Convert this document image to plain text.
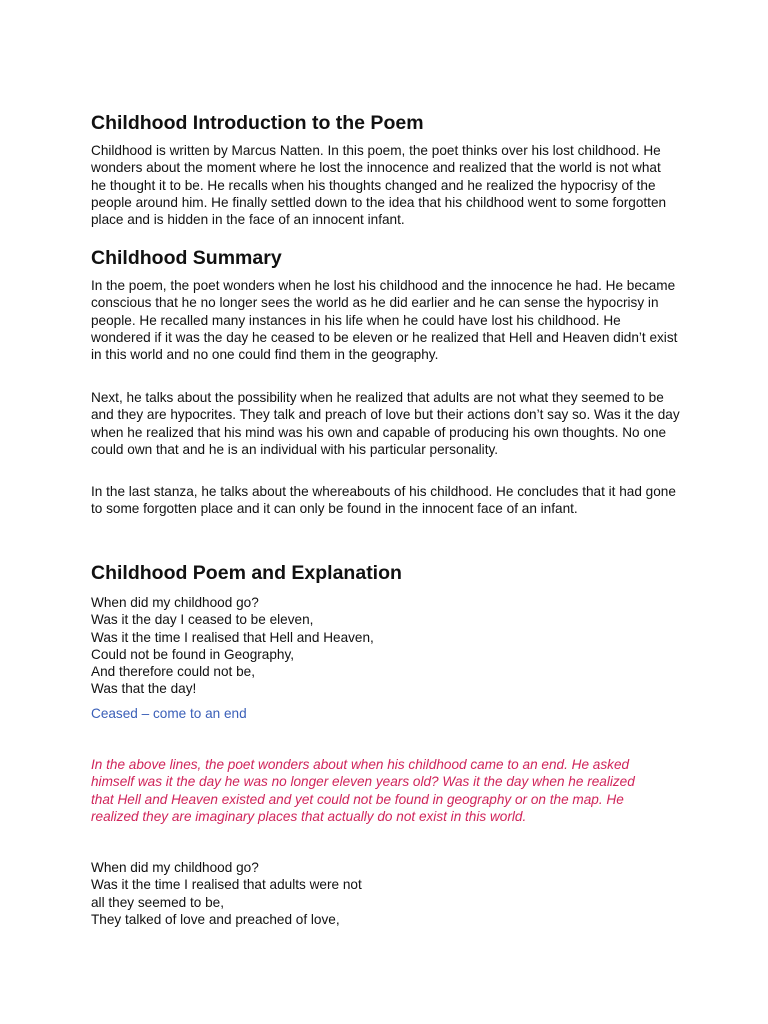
Childhood Introduction to the Poem

Childhood is written by Marcus Natten. In this poem, the poet thinks over his lost childhood. He wonders about the moment where he lost the innocence and realized that the world is not what he thought it to be. He recalls when his thoughts changed and he realized the hypocrisy of the people around him. He finally settled down to the idea that his childhood went to some forgotten place and is hidden in the face of an innocent infant.

Childhood Summary

In the poem, the poet wonders when he lost his childhood and the innocence he had. He became conscious that he no longer sees the world as he did earlier and he can sense the hypocrisy in people. He recalled many instances in his life when he could have lost his childhood. He wondered if it was the day he ceased to be eleven or he realized that Hell and Heaven didn’t exist in this world and no one could find them in the geography.

Next, he talks about the possibility when he realized that adults are not what they seemed to be and they are hypocrites. They talk and preach of love but their actions don’t say so. Was it the day when he realized that his mind was his own and capable of producing his own thoughts. No one could own that and he is an individual with his particular personality.

In the last stanza, he talks about the whereabouts of his childhood. He concludes that it had gone to some forgotten place and it can only be found in the innocent face of an infant.

Childhood Poem and Explanation
When did my childhood go?
Was it the day I ceased to be eleven,
Was it the time I realised that Hell and Heaven,
Could not be found in Geography,
And therefore could not be,
Was that the day!

Ceased – come to an end

In the above lines, the poet wonders about when his childhood came to an end. He asked himself was it the day he was no longer eleven years old? Was it the day when he realized that Hell and Heaven existed and yet could not be found in geography or on the map. He realized they are imaginary places that actually do not exist in this world.

When did my childhood go?
Was it the time I realised that adults were not
all they seemed to be,
They talked of love and preached of love,
